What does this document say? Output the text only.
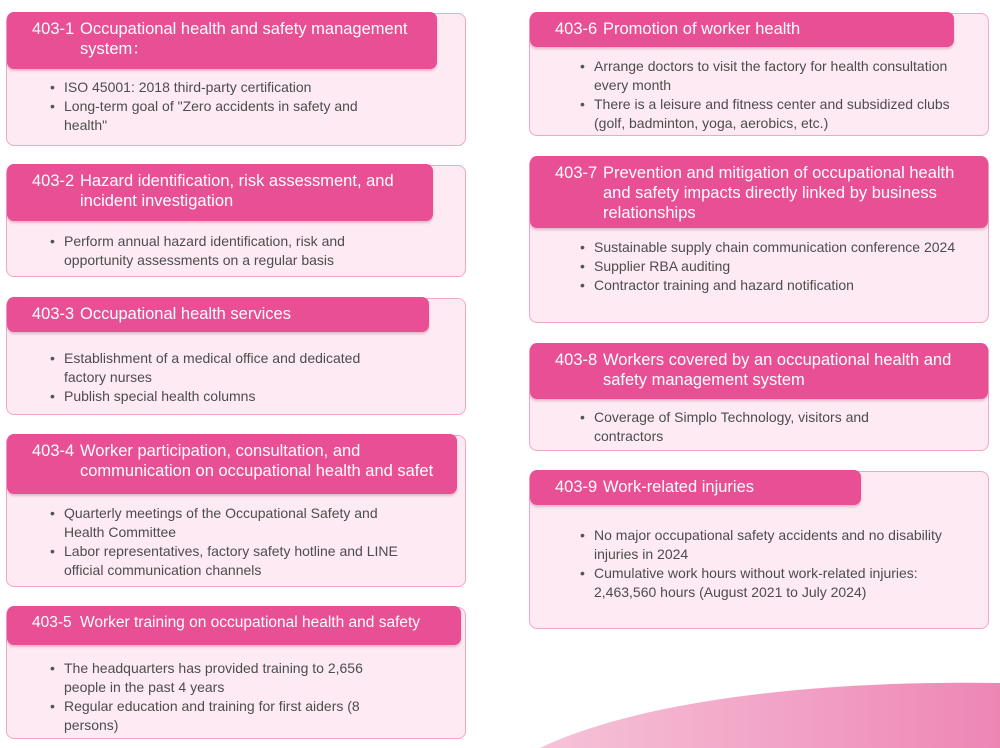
403-1 Occupational health and safety management system：
• ISO 45001: 2018 third-party certification
• Long-term goal of "Zero accidents in safety and health"
403-2 Hazard identification, risk assessment, and incident investigation
• Perform annual hazard identification, risk and opportunity assessments on a regular basis
403-3 Occupational health services
• Establishment of a medical office and dedicated factory nurses
• Publish special health columns
403-4 Worker participation, consultation, and communication on occupational health and safet
• Quarterly meetings of the Occupational Safety and Health Committee
• Labor representatives, factory safety hotline and LINE official communication channels
403-5 Worker training on occupational health and safety
• The headquarters has provided training to 2,656 people in the past 4 years
• Regular education and training for first aiders (8 persons)
403-6 Promotion of worker health
• Arrange doctors to visit the factory for health consultation every month
• There is a leisure and fitness center and subsidized clubs (golf, badminton, yoga, aerobics, etc.)
403-7 Prevention and mitigation of occupational health and safety impacts directly linked by business relationships
• Sustainable supply chain communication conference 2024
• Supplier RBA auditing
• Contractor training and hazard notification
403-8 Workers covered by an occupational health and safety management system
• Coverage of Simplo Technology, visitors and contractors
403-9 Work-related injuries
• No major occupational safety accidents and no disability injuries in 2024
• Cumulative work hours without work-related injuries: 2,463,560 hours (August 2021 to July 2024)
